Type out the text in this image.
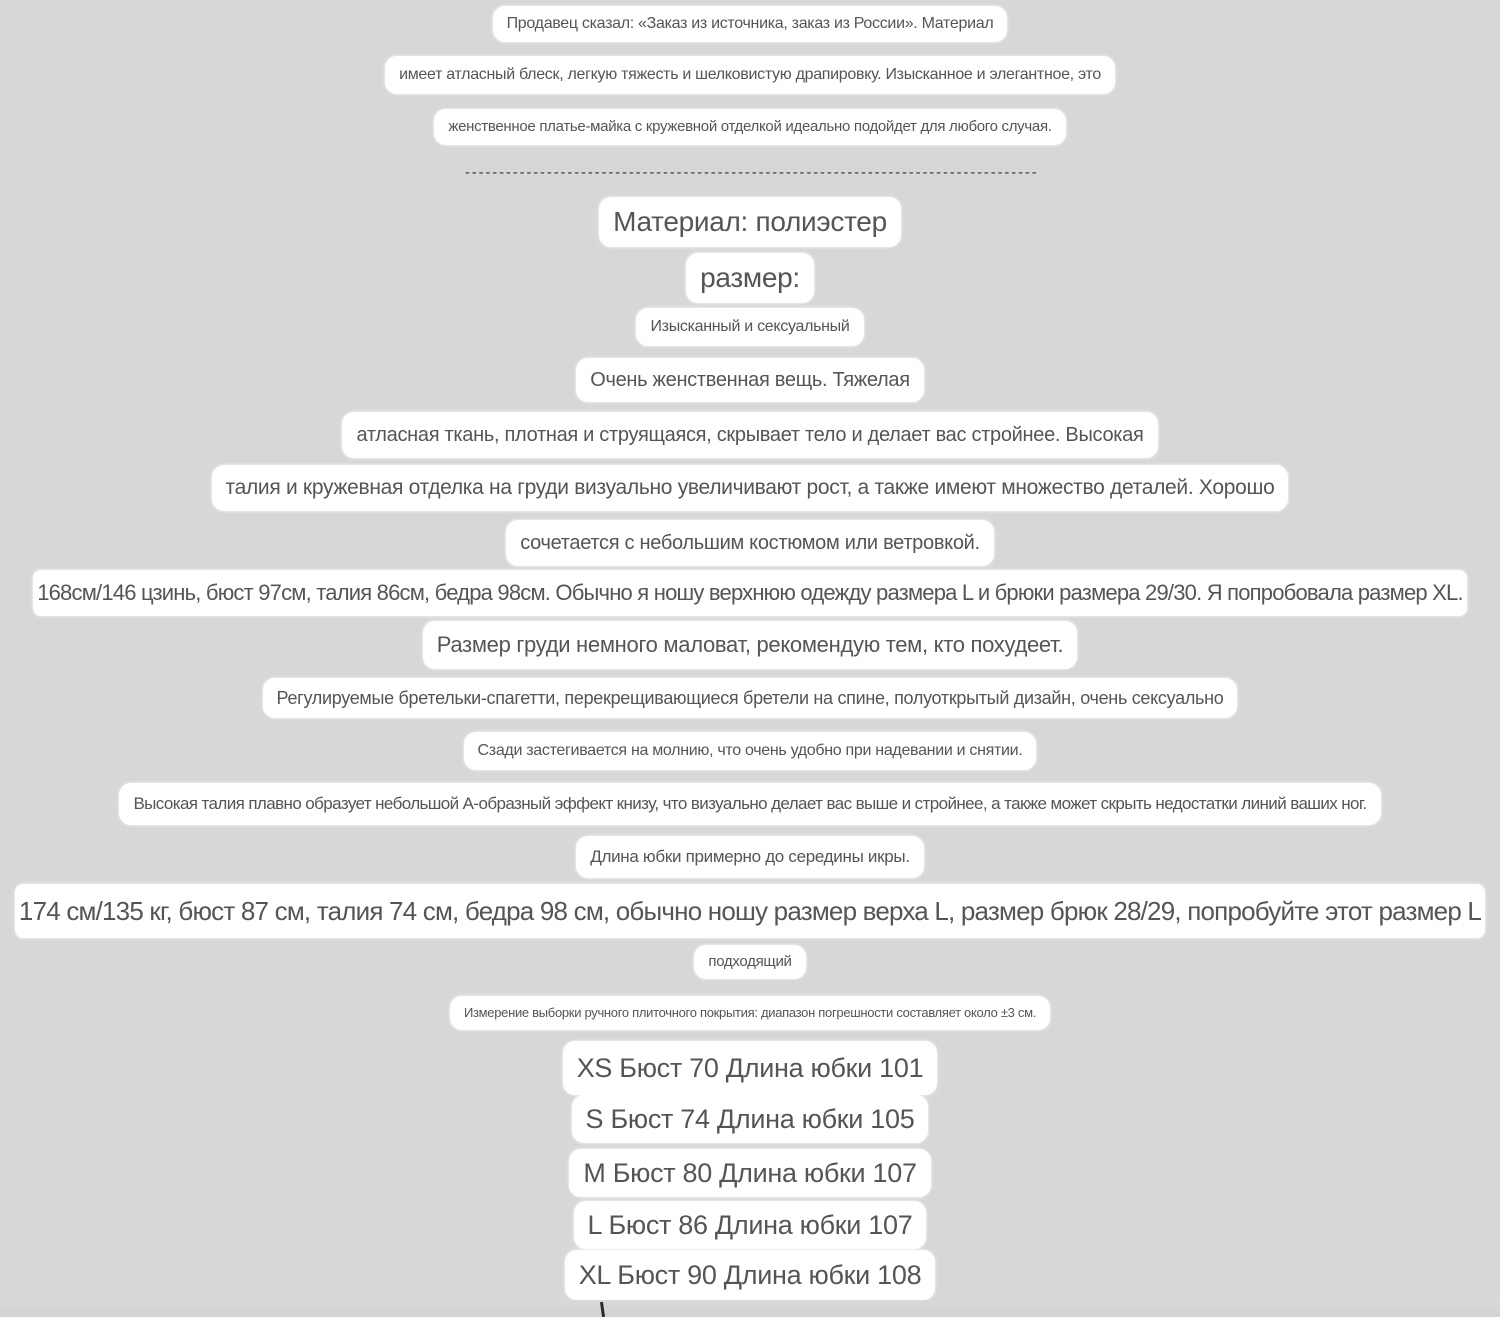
Продавец сказал: «Заказ из источника, заказ из России». Материал
имеет атласный блеск, легкую тяжесть и шелковистую драпировку. Изысканное и элегантное, это
женственное платье-майка с кружевной отделкой идеально подойдет для любого случая.
------------------------------------------------------------------------------------
Материал: полиэстер
размер:
Изысканный и сексуальный
Очень женственная вещь. Тяжелая
атласная ткань, плотная и струящаяся, скрывает тело и делает вас стройнее. Высокая
талия и кружевная отделка на груди визуально увеличивают рост, а также имеют множество деталей. Хорошо
сочетается с небольшим костюмом или ветровкой.
168см/146 цзинь, бюст 97см, талия 86см, бедра 98см. Обычно я ношу верхнюю одежду размера L и брюки размера 29/30. Я попробовала размер XL.
Размер груди немного маловат, рекомендую тем, кто похудеет.
Регулируемые бретельки-спагетти, перекрещивающиеся бретели на спине, полуоткрытый дизайн, очень сексуально
Сзади застегивается на молнию, что очень удобно при надевании и снятии.
Высокая талия плавно образует небольшой А-образный эффект книзу, что визуально делает вас выше и стройнее, а также может скрыть недостатки линий ваших ног.
Длина юбки примерно до середины икры.
174 см/135 кг, бюст 87 см, талия 74 см, бедра 98 см, обычно ношу размер верха L, размер брюк 28/29, попробуйте этот размер L
подходящий
Измерение выборки ручного плиточного покрытия: диапазон погрешности составляет около ±3 см.
XS Бюст 70 Длина юбки 101
S Бюст 74 Длина юбки 105
M Бюст 80 Длина юбки 107
L Бюст 86 Длина юбки 107
XL Бюст 90 Длина юбки 108
